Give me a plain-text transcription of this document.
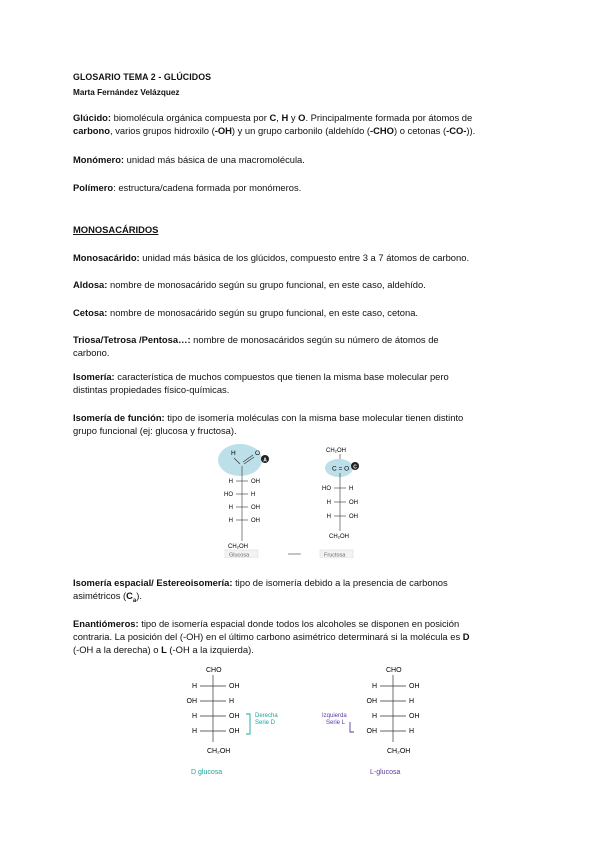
GLOSARIO TEMA 2 - GLÚCIDOS
Marta Fernández Velázquez
Glúcido: biomolécula orgánica compuesta por C, H y O. Principalmente formada por átomos de
carbono, varios grupos hidroxilo (-OH) y un grupo carbonilo (aldehído (-CHO) o cetonas (-CO-)).
Monómero: unidad más básica de una macromolécula.
Polímero: estructura/cadena formada por monómeros.
MONOSACÁRIDOS
Monosacárido: unidad más básica de los glúcidos, compuesto entre 3 a 7 átomos de carbono.
Aldosa: nombre de monosacárido según su grupo funcional, en este caso, aldehído.
Cetosa: nombre de monosacárido según su grupo funcional, en este caso, cetona.
Triosa/Tetrosa /Pentosa…: nombre de monosacáridos según su número de átomos de
carbono.
Isomería: característica de muchos compuestos que tienen la misma base molecular pero
distintas propiedades físico-químicas.
Isomería de función: tipo de isomería moléculas con la misma base molecular tienen distinto
grupo funcional (ej: glucosa y fructosa).
H	O
A
H	OH
HO	H
H	OH
H	OH
CH₂OH
Glucosa	═══
CH₂OH
C = O C
HO	H
H	OH
H	OH
CH₂OH
Fructosa
Isomería espacial/ Estereoisomería: tipo de isomería debido a la presencia de carbonos
asimétricos $(C_a)$.
Enantiómeros: tipo de isomería espacial donde todos los alcoholes se disponen en posición
contraria. La posición del (-OH) en el último carbono asimétrico determinará si la molécula es D
(-OH a la derecha) o L (-OH a la izquierda).
CHO
H	OH
OH	H
H	OH
H	OH
CH₂OH
Derecha
Serie D
D glucosa
CHO
H	OH
OH	H
H	OH
OH	H
CH₂OH
Izquierda
Serie L
L-glucosa
